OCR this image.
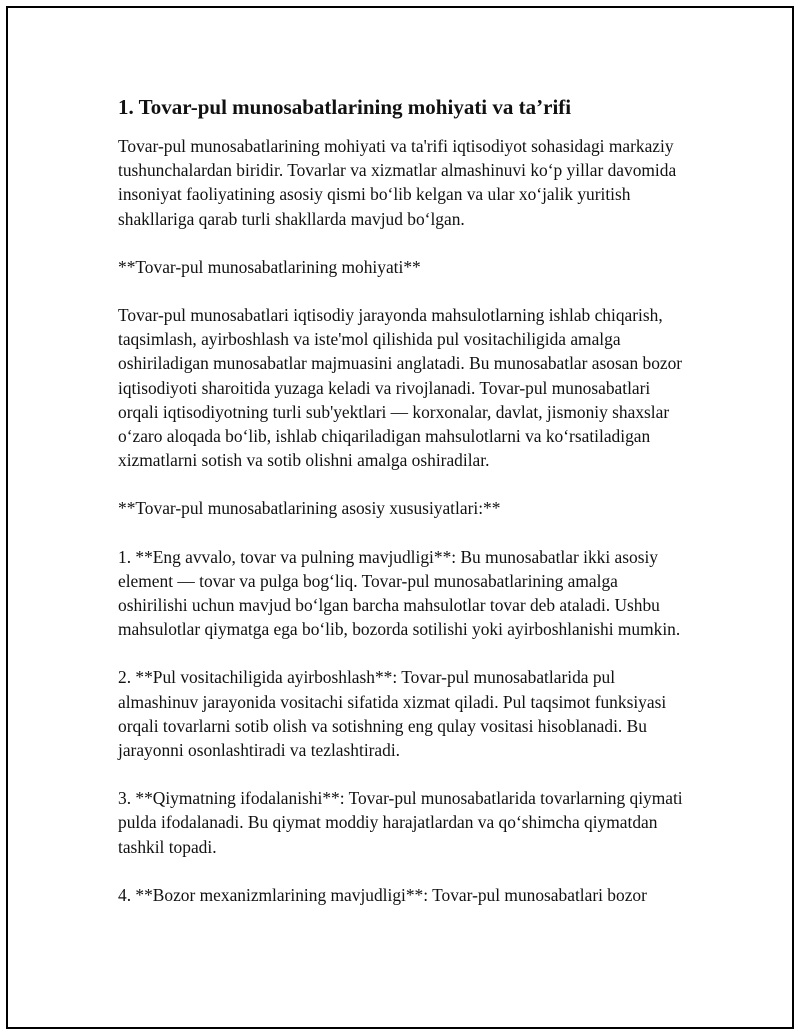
1. Tovar-pul munosabatlarining mohiyati va ta’rifi

Tovar-pul munosabatlarining mohiyati va ta'rifi iqtisodiyot sohasidagi markaziy tushunchalardan biridir. Tovarlar va xizmatlar almashinuvi ko‘p yillar davomida insoniyat faoliyatining asosiy qismi bo‘lib kelgan va ular xo‘jalik yuritish shakllariga qarab turli shakllarda mavjud bo‘lgan.

**Tovar-pul munosabatlarining mohiyati**

Tovar-pul munosabatlari iqtisodiy jarayonda mahsulotlarning ishlab chiqarish, taqsimlash, ayirboshlash va iste'mol qilishida pul vositachiligida amalga oshiriladigan munosabatlar majmuasini anglatadi. Bu munosabatlar asosan bozor iqtisodiyoti sharoitida yuzaga keladi va rivojlanadi. Tovar-pul munosabatlari orqali iqtisodiyotning turli sub'yektlari — korxonalar, davlat, jismoniy shaxslar o‘zaro aloqada bo‘lib, ishlab chiqariladigan mahsulotlarni va ko‘rsatiladigan xizmatlarni sotish va sotib olishni amalga oshiradilar.

**Tovar-pul munosabatlarining asosiy xususiyatlari:**

1. **Eng avvalo, tovar va pulning mavjudligi**: Bu munosabatlar ikki asosiy element — tovar va pulga bog‘liq. Tovar-pul munosabatlarining amalga oshirilishi uchun mavjud bo‘lgan barcha mahsulotlar tovar deb ataladi. Ushbu mahsulotlar qiymatga ega bo‘lib, bozorda sotilishi yoki ayirboshlanishi mumkin.

2. **Pul vositachiligida ayirboshlash**: Tovar-pul munosabatlarida pul almashinuv jarayonida vositachi sifatida xizmat qiladi. Pul taqsimot funksiyasi orqali tovarlarni sotib olish va sotishning eng qulay vositasi hisoblanadi. Bu jarayonni osonlashtiradi va tezlashtiradi.

3. **Qiymatning ifodalanishi**: Tovar-pul munosabatlarida tovarlarning qiymati pulda ifodalanadi. Bu qiymat moddiy harajatlardan va qo‘shimcha qiymatdan tashkil topadi.

4. **Bozor mexanizmlarining mavjudligi**: Tovar-pul munosabatlari bozor
